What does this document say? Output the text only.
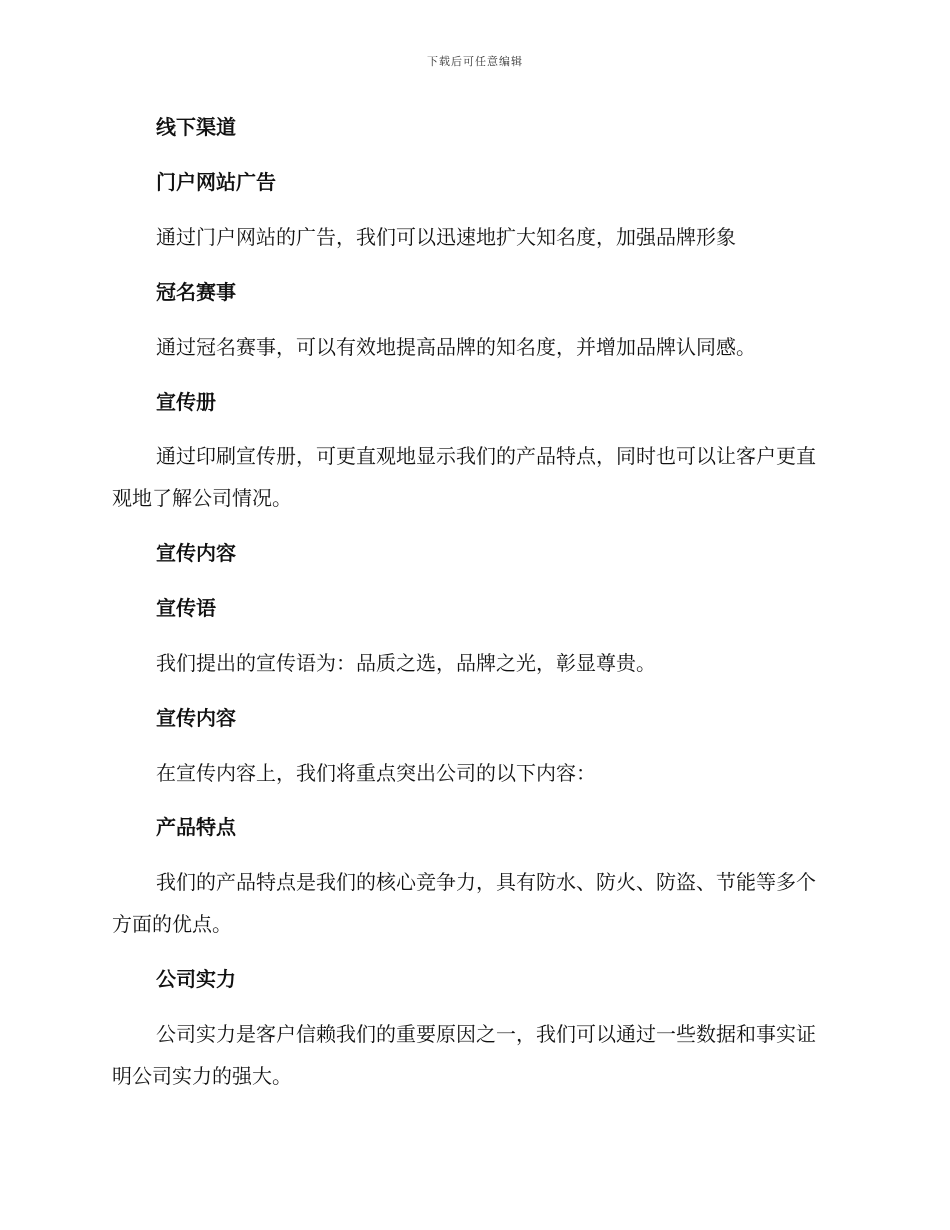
下载后可任意编辑
线下渠道
门户网站广告
通过门户网站的广告，我们可以迅速地扩大知名度，加强品牌形象
冠名赛事
通过冠名赛事，可以有效地提高品牌的知名度，并增加品牌认同感。
宣传册
通过印刷宣传册，可更直观地显示我们的产品特点，同时也可以让客户更直观地了解公司情况。
宣传内容
宣传语
我们提出的宣传语为：品质之选，品牌之光，彰显尊贵。
宣传内容
在宣传内容上，我们将重点突出公司的以下内容：
产品特点
我们的产品特点是我们的核心竞争力，具有防水、防火、防盗、节能等多个方面的优点。
公司实力
公司实力是客户信赖我们的重要原因之一，我们可以通过一些数据和事实证明公司实力的强大。
